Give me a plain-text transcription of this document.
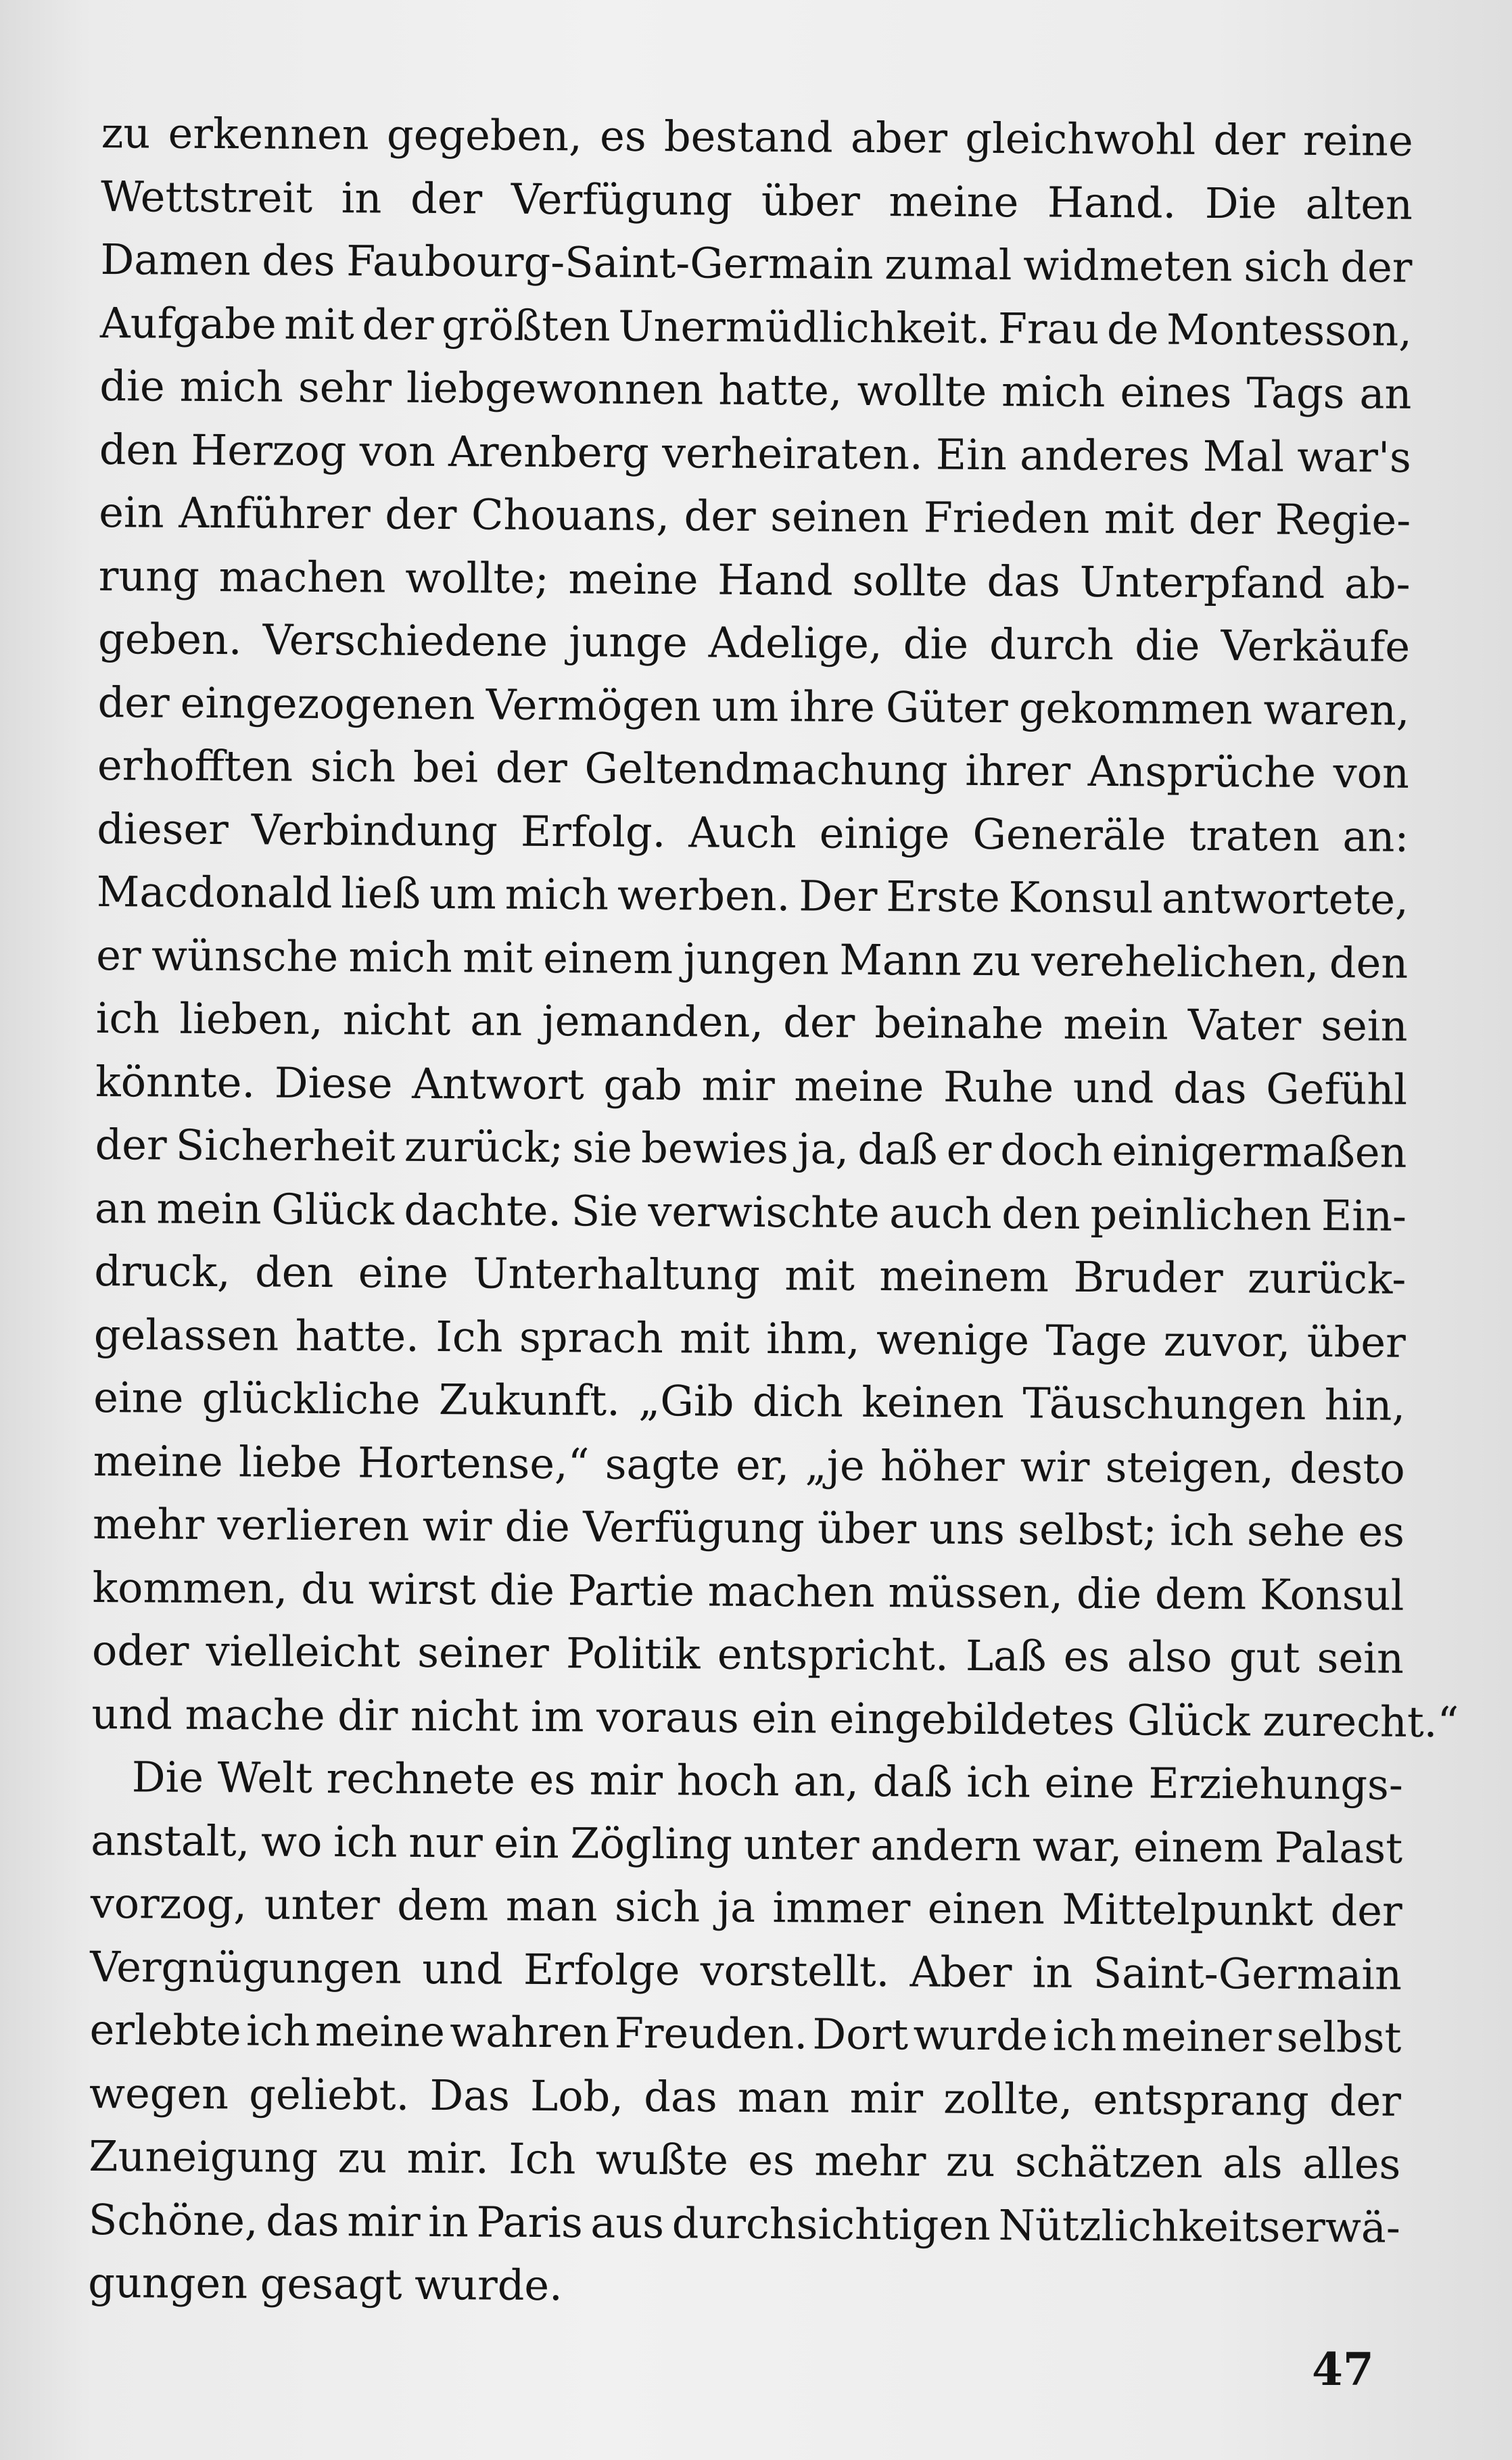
zu erkennen gegeben, es bestand aber gleichwohl der reine
Wettstreit in der Verfügung über meine Hand. Die alten
Damen des Faubourg-Saint-Germain zumal widmeten sich der
Aufgabe mit der größten Unermüdlichkeit. Frau de Montesson,
die mich sehr liebgewonnen hatte, wollte mich eines Tags an
den Herzog von Arenberg verheiraten. Ein anderes Mal war's
ein Anführer der Chouans, der seinen Frieden mit der Regie-
rung machen wollte; meine Hand sollte das Unterpfand ab-
geben. Verschiedene junge Adelige, die durch die Verkäufe
der eingezogenen Vermögen um ihre Güter gekommen waren,
erhofften sich bei der Geltendmachung ihrer Ansprüche von
dieser Verbindung Erfolg. Auch einige Generäle traten an:
Macdonald ließ um mich werben. Der Erste Konsul antwortete,
er wünsche mich mit einem jungen Mann zu verehelichen, den
ich lieben, nicht an jemanden, der beinahe mein Vater sein
könnte. Diese Antwort gab mir meine Ruhe und das Gefühl
der Sicherheit zurück; sie bewies ja, daß er doch einigermaßen
an mein Glück dachte. Sie verwischte auch den peinlichen Ein-
druck, den eine Unterhaltung mit meinem Bruder zurück-
gelassen hatte. Ich sprach mit ihm, wenige Tage zuvor, über
eine glückliche Zukunft. „Gib dich keinen Täuschungen hin,
meine liebe Hortense,“ sagte er, „je höher wir steigen, desto
mehr verlieren wir die Verfügung über uns selbst; ich sehe es
kommen, du wirst die Partie machen müssen, die dem Konsul
oder vielleicht seiner Politik entspricht. Laß es also gut sein
und mache dir nicht im voraus ein eingebildetes Glück zurecht.“
Die Welt rechnete es mir hoch an, daß ich eine Erziehungs-
anstalt, wo ich nur ein Zögling unter andern war, einem Palast
vorzog, unter dem man sich ja immer einen Mittelpunkt der
Vergnügungen und Erfolge vorstellt. Aber in Saint-Germain
erlebte ich meine wahren Freuden. Dort wurde ich meiner selbst
wegen geliebt. Das Lob, das man mir zollte, entsprang der
Zuneigung zu mir. Ich wußte es mehr zu schätzen als alles
Schöne, das mir in Paris aus durchsichtigen Nützlichkeitserwä-
gungen gesagt wurde.
47
